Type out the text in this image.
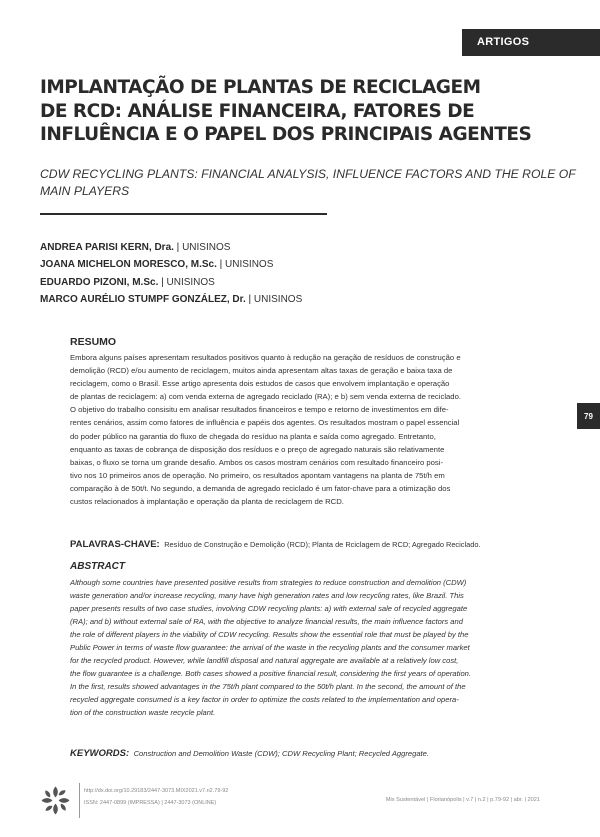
ARTIGOS
IMPLANTAÇÃO DE PLANTAS DE RECICLAGEM
DE RCD: ANÁLISE FINANCEIRA, FATORES DE
INFLUÊNCIA E O PAPEL DOS PRINCIPAIS AGENTES
CDW RECYCLING PLANTS: FINANCIAL ANALYSIS, INFLUENCE FACTORS AND THE ROLE OF
MAIN PLAYERS
ANDREA PARISI KERN, Dra. | UNISINOS
JOANA MICHELON MORESCO, M.Sc. | UNISINOS
EDUARDO PIZONI, M.Sc. | UNISINOS
MARCO AURÉLIO STUMPF GONZÁLEZ, Dr. | UNISINOS
79
RESUMO
Embora alguns países apresentam resultados positivos quanto à redução na geração de resíduos de construção e
demolição (RCD) e/ou aumento de reciclagem, muitos ainda apresentam altas taxas de geração e baixa taxa de
reciclagem, como o Brasil. Esse artigo apresenta dois estudos de casos que envolvem implantação e operação
de plantas de reciclagem: a) com venda externa de agregado reciclado (RA); e b) sem venda externa de reciclado.
O objetivo do trabalho consisitu em analisar resultados financeiros e tempo e retorno de investimentos em dife-
rentes cenários, assim como fatores de influência e papéis dos agentes. Os resultados mostram o papel essencial
do poder público na garantia do fluxo de chegada do resíduo na planta e saída como agregado. Entretanto,
enquanto as taxas de cobrança de disposição dos resíduos e o preço de agregado naturais são relativamente
baixas, o fluxo se torna um grande desafio. Ambos os casos mostram cenários com resultado financeiro posi-
tivo nos 10 primeiros anos de operação. No primeiro, os resultados apontam vantagens na planta de 75t/h em
comparação à de 50t/t. No segundo, a demanda de agregado reciclado é um fator-chave para a otimização dos
custos relacionados à implantação e operação da planta de reciclagem de RCD.
PALAVRAS-CHAVE: Resíduo de Construção e Demolição (RCD); Planta de Rciclagem de RCD; Agregado Reciclado.
ABSTRACT
Although some countries have presented positive results from strategies to reduce construction and demolition (CDW)
waste generation and/or increase recycling, many have high generation rates and low recycling rates, like Brazil. This
paper presents results of two case studies, involving CDW recycling plants: a) with external sale of recycled aggregate
(RA); and b) without external sale of RA, with the objective to analyze financial results, the main influence factors and
the role of different players in the viability of CDW recycling. Results show the essential role that must be played by the
Public Power in terms of waste flow guarantee: the arrival of the waste in the recycling plants and the consumer market
for the recycled product. However, while landfill disposal and natural aggregate are available at a relatively low cost,
the flow guarantee is a challenge. Both cases showed a positive financial result, considering the first years of operation.
In the first, results showed advantages in the 75t/h plant compared to the 50t/h plant. In the second, the amount of the
recycled aggregate consumed is a key factor in order to optimize the costs related to the implementation and opera-
tion of the construction waste recycle plant.
KEYWORDS: Construction and Demolition Waste (CDW); CDW Recycling Plant; Recycled Aggregate.
http://dx.doi.org/10.29183/2447-3073.MIX2021.v7.n2.79-92
ISSN: 2447-0899 (IMPRESSA) | 2447-3073 (ONLINE)	Mix Sustentável | Florianópolis | v.7 | n.2 | p.79-92 | abr. | 2021
